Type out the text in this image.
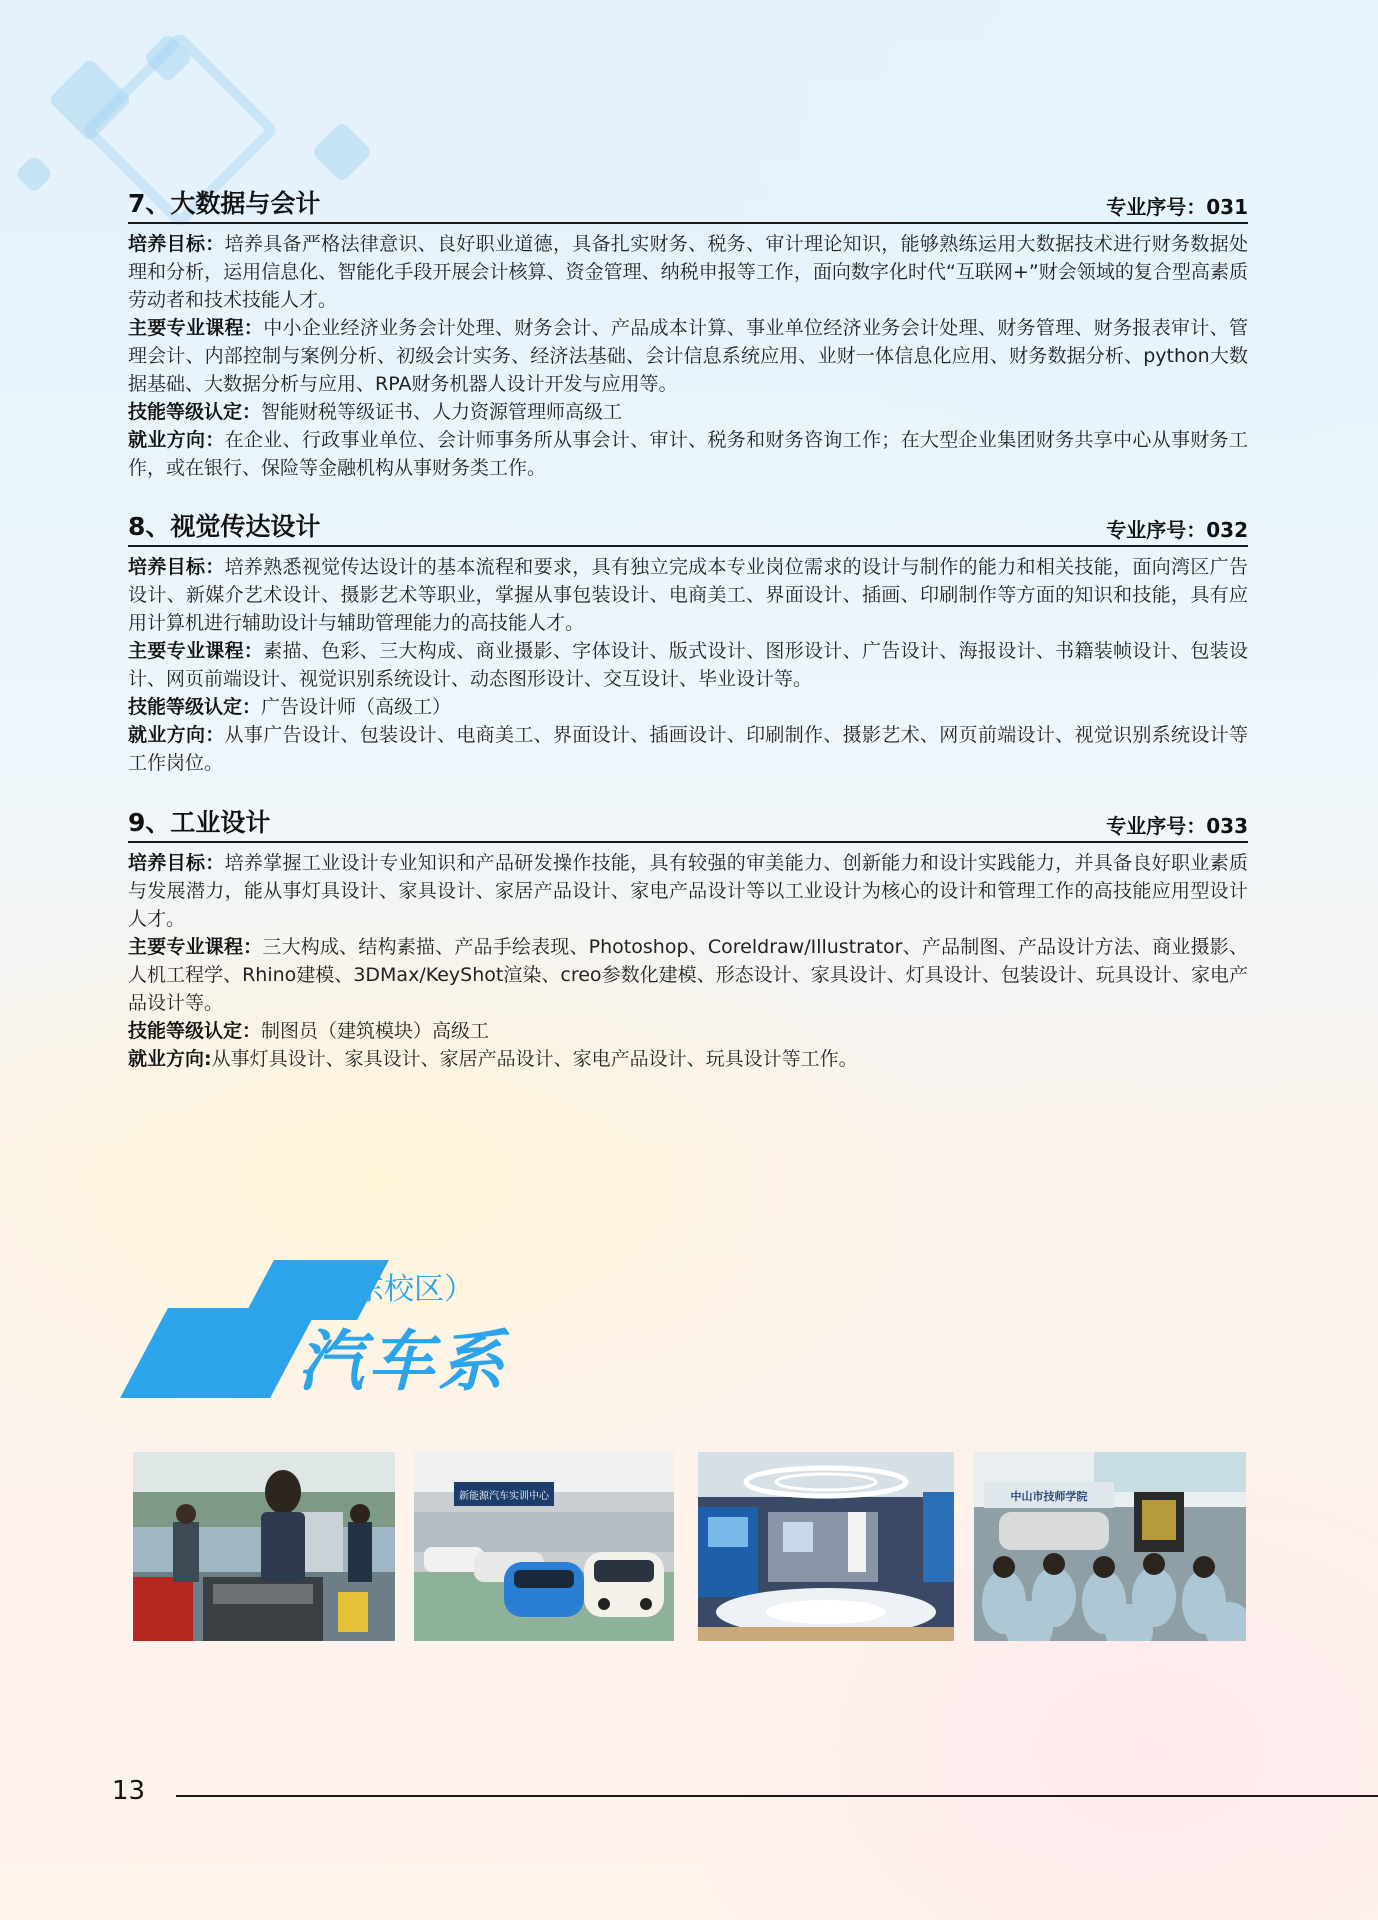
7、大数据与会计	专业序号：031

培养目标：培养具备严格法律意识、良好职业道德，具备扎实财务、税务、审计理论知识，能够熟练运用大数据技术进行财务数据处理和分析，运用信息化、智能化手段开展会计核算、资金管理、纳税申报等工作，面向数字化时代“互联网+”财会领域的复合型高素质劳动者和技术技能人才。

主要专业课程：中小企业经济业务会计处理、财务会计、产品成本计算、事业单位经济业务会计处理、财务管理、财务报表审计、管理会计、内部控制与案例分析、初级会计实务、经济法基础、会计信息系统应用、业财一体信息化应用、财务数据分析、python大数据基础、大数据分析与应用、RPA财务机器人设计开发与应用等。

技能等级认定：智能财税等级证书、人力资源管理师高级工

就业方向：在企业、行政事业单位、会计师事务所从事会计、审计、税务和财务咨询工作；在大型企业集团财务共享中心从事财务工作，或在银行、保险等金融机构从事财务类工作。

8、视觉传达设计	专业序号：032

培养目标：培养熟悉视觉传达设计的基本流程和要求，具有独立完成本专业岗位需求的设计与制作的能力和相关技能，面向湾区广告设计、新媒介艺术设计、摄影艺术等职业，掌握从事包装设计、电商美工、界面设计、插画、印刷制作等方面的知识和技能，具有应用计算机进行辅助设计与辅助管理能力的高技能人才。

主要专业课程：素描、色彩、三大构成、商业摄影、字体设计、版式设计、图形设计、广告设计、海报设计、书籍装帧设计、包装设计、网页前端设计、视觉识别系统设计、动态图形设计、交互设计、毕业设计等。

技能等级认定：广告设计师（高级工）

就业方向：从事广告设计、包装设计、电商美工、界面设计、插画设计、印刷制作、摄影艺术、网页前端设计、视觉识别系统设计等工作岗位。

9、工业设计	专业序号：033

培养目标：培养掌握工业设计专业知识和产品研发操作技能，具有较强的审美能力、创新能力和设计实践能力，并具备良好职业素质与发展潜力，能从事灯具设计、家具设计、家居产品设计、家电产品设计等以工业设计为核心的设计和管理工作的高技能应用型设计人才。

主要专业课程：三大构成、结构素描、产品手绘表现、Photoshop、Coreldraw/Illustrator、产品制图、产品设计方法、商业摄影、人机工程学、Rhino建模、3DMax/KeyShot渲染、creo参数化建模、形态设计、家具设计、灯具设计、包装设计、玩具设计、家电产品设计等。

技能等级认定：制图员（建筑模块）高级工

就业方向:从事灯具设计、家具设计、家居产品设计、家电产品设计、玩具设计等工作。

（东校区）
汽车系
新能源汽车实训中心	中山市技师学院
13
